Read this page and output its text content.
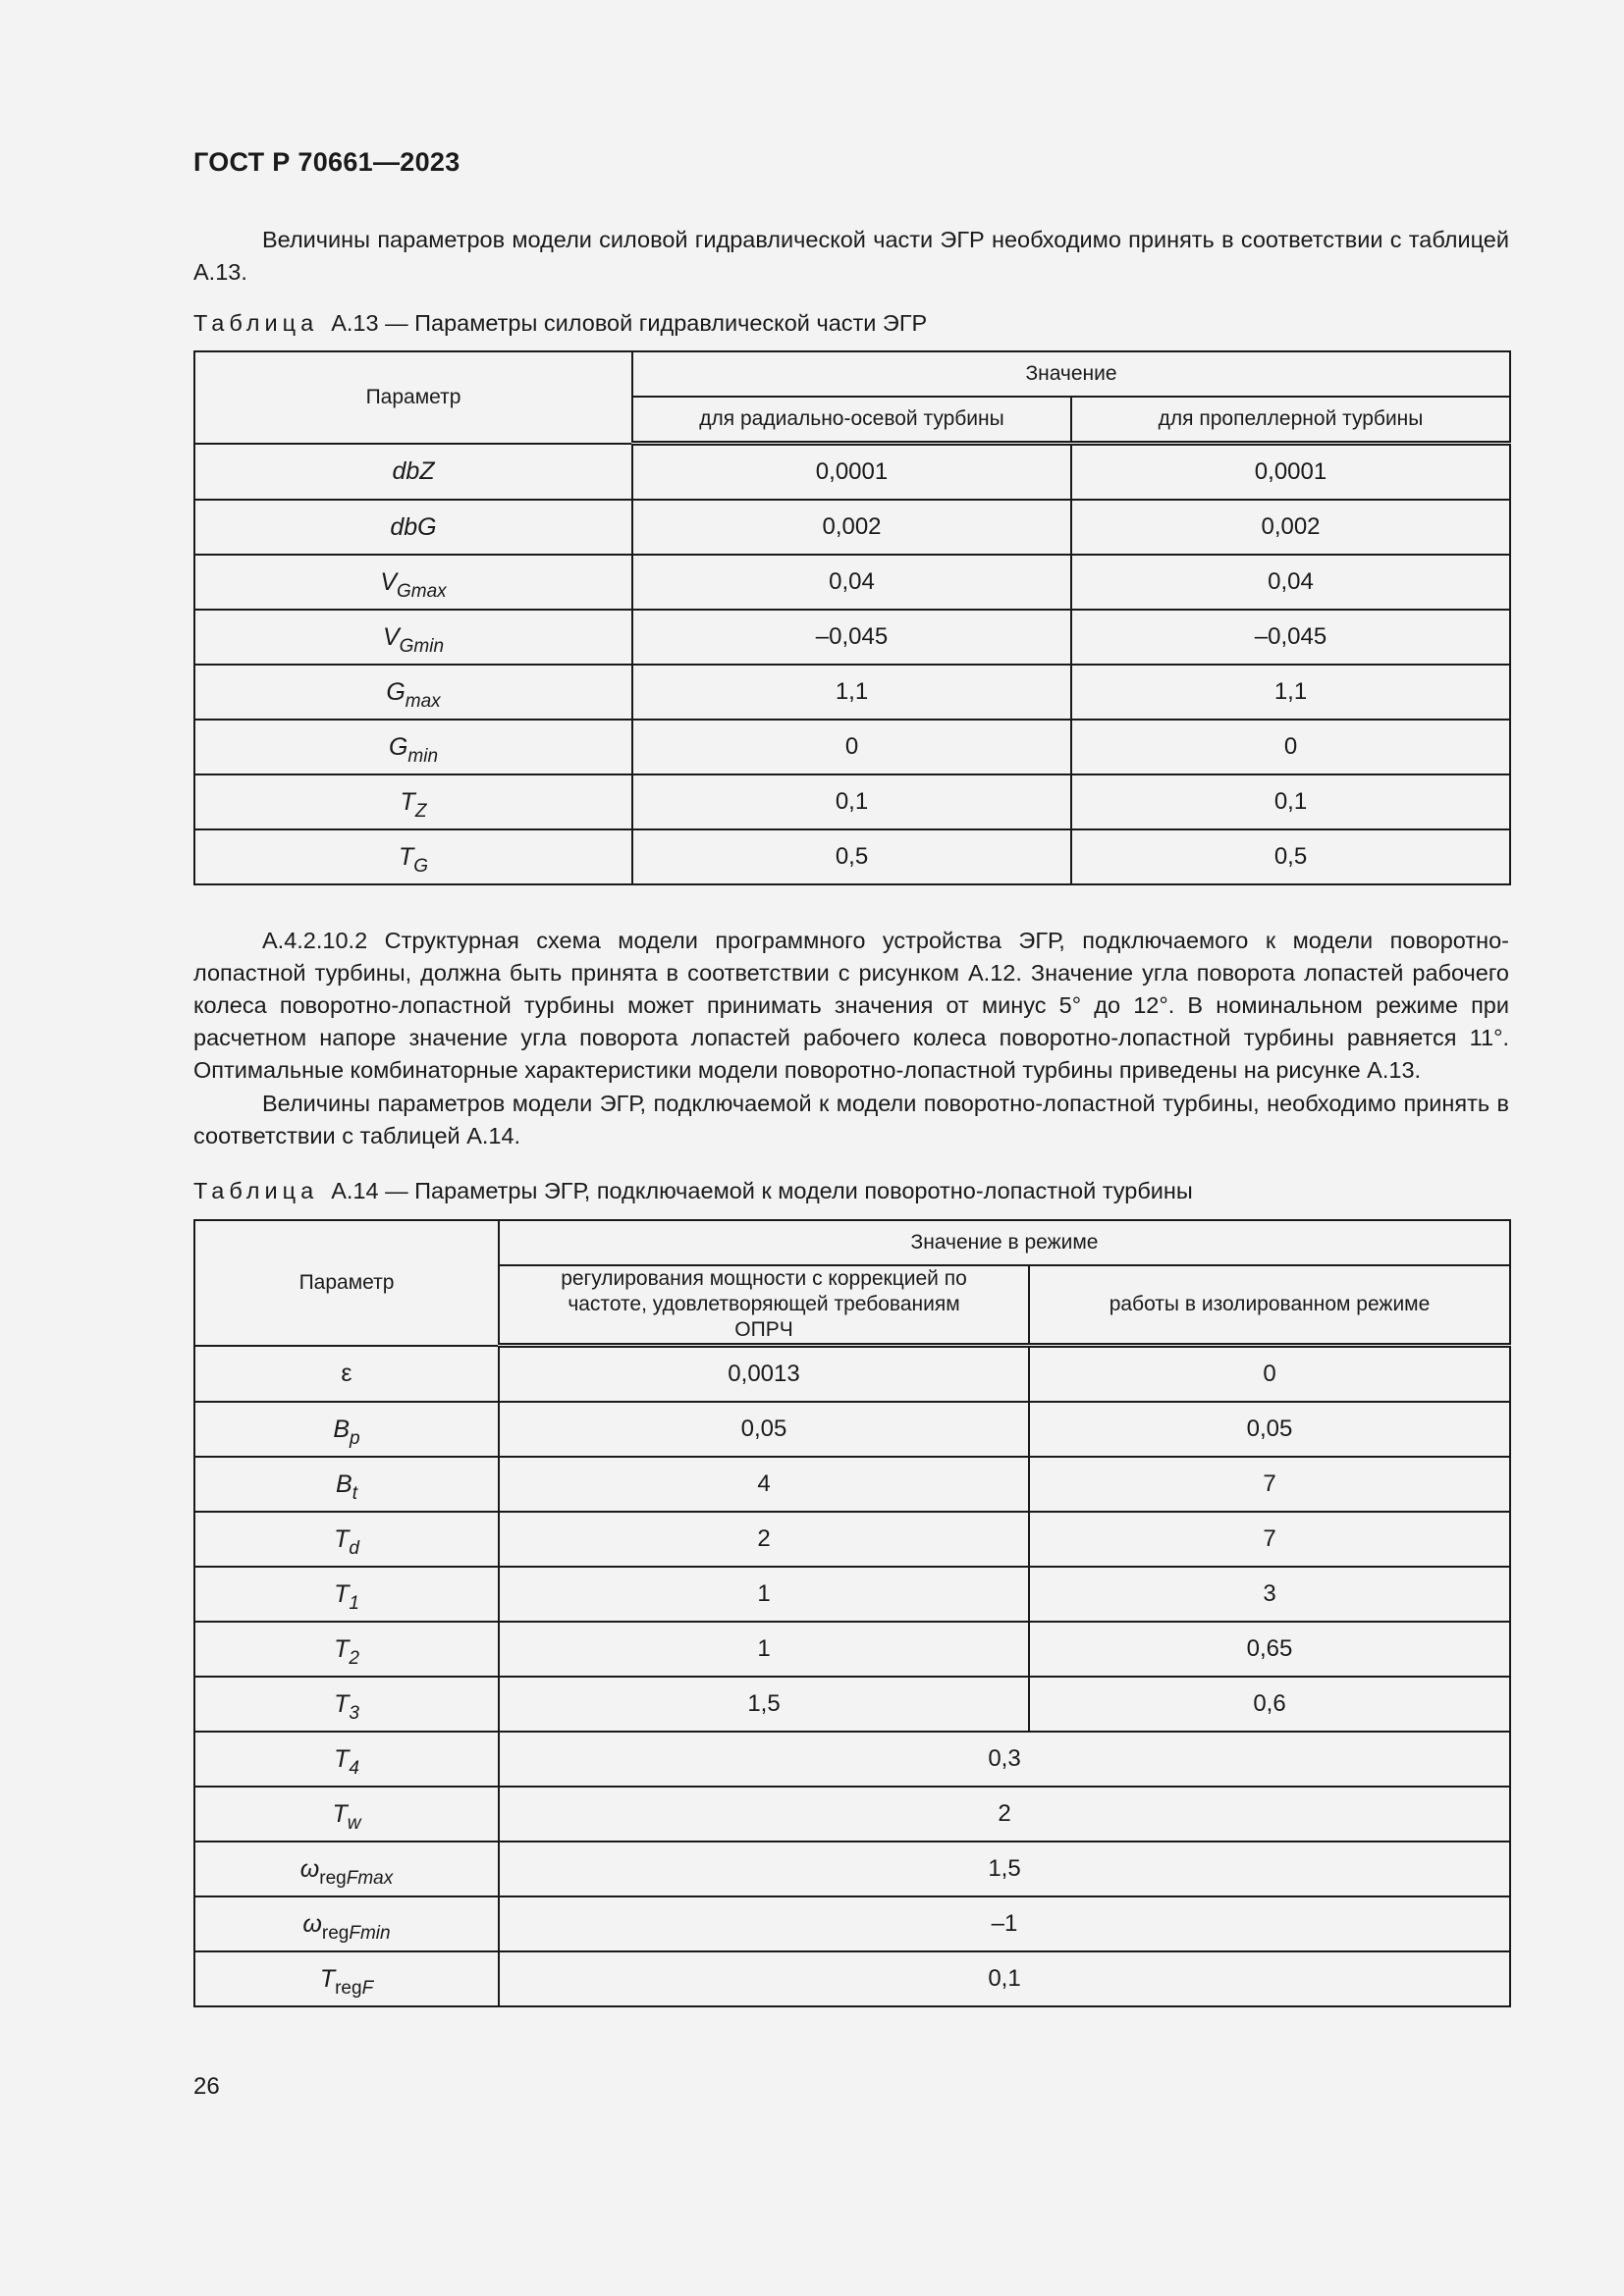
ГОСТ Р 70661—2023
Величины параметров модели силовой гидравлической части ЭГР необходимо принять в соответствии с таблицей А.13.
Таблица А.13 — Параметры силовой гидравлической части ЭГР
Параметр	Значение	
	для радиально-осевой турбины	для пропеллерной турбины
dbZ	0,0001	0,0001
dbG	0,002	0,002
$V_{Gmax}$	0,04	0,04
$V_{Gmin}$	–0,045	–0,045
$G_{max}$	1,1	1,1
$G_{min}$	0	0
$T_Z$	0,1	0,1
$T_G$	0,5	0,5
А.4.2.10.2 Структурная схема модели программного устройства ЭГР, подключаемого к модели поворотно-лопастной турбины, должна быть принята в соответствии с рисунком А.12. Значение угла поворота лопастей рабочего колеса поворотно-лопастной турбины может принимать значения от минус 5° до 12°. В номинальном режиме при расчетном напоре значение угла поворота лопастей рабочего колеса поворотно-лопастной турбины равняется 11°. Оптимальные комбинаторные характеристики модели поворотно-лопастной турбины приведены на рисунке А.13.
Величины параметров модели ЭГР, подключаемой к модели поворотно-лопастной турбины, необходимо принять в соответствии с таблицей А.14.
Таблица А.14 — Параметры ЭГР, подключаемой к модели поворотно-лопастной турбины
Параметр	Значение в режиме	
	регулирования мощности с коррекцией по частоте, удовлетворяющей требованиям ОПРЧ	работы в изолированном режиме
ε	0,0013	0
$B_p$	0,05	0,05
$B_t$	4	7
$T_d$	2	7
$T_1$	1	3
$T_2$	1	0,65
$T_3$	1,5	0,6
$T_4$	0,3	
$T_w$	2	
$\omega_{regFmax}$	1,5	
$\omega_{regFmin}$	–1	
$T_{regF}$	0,1	
26
